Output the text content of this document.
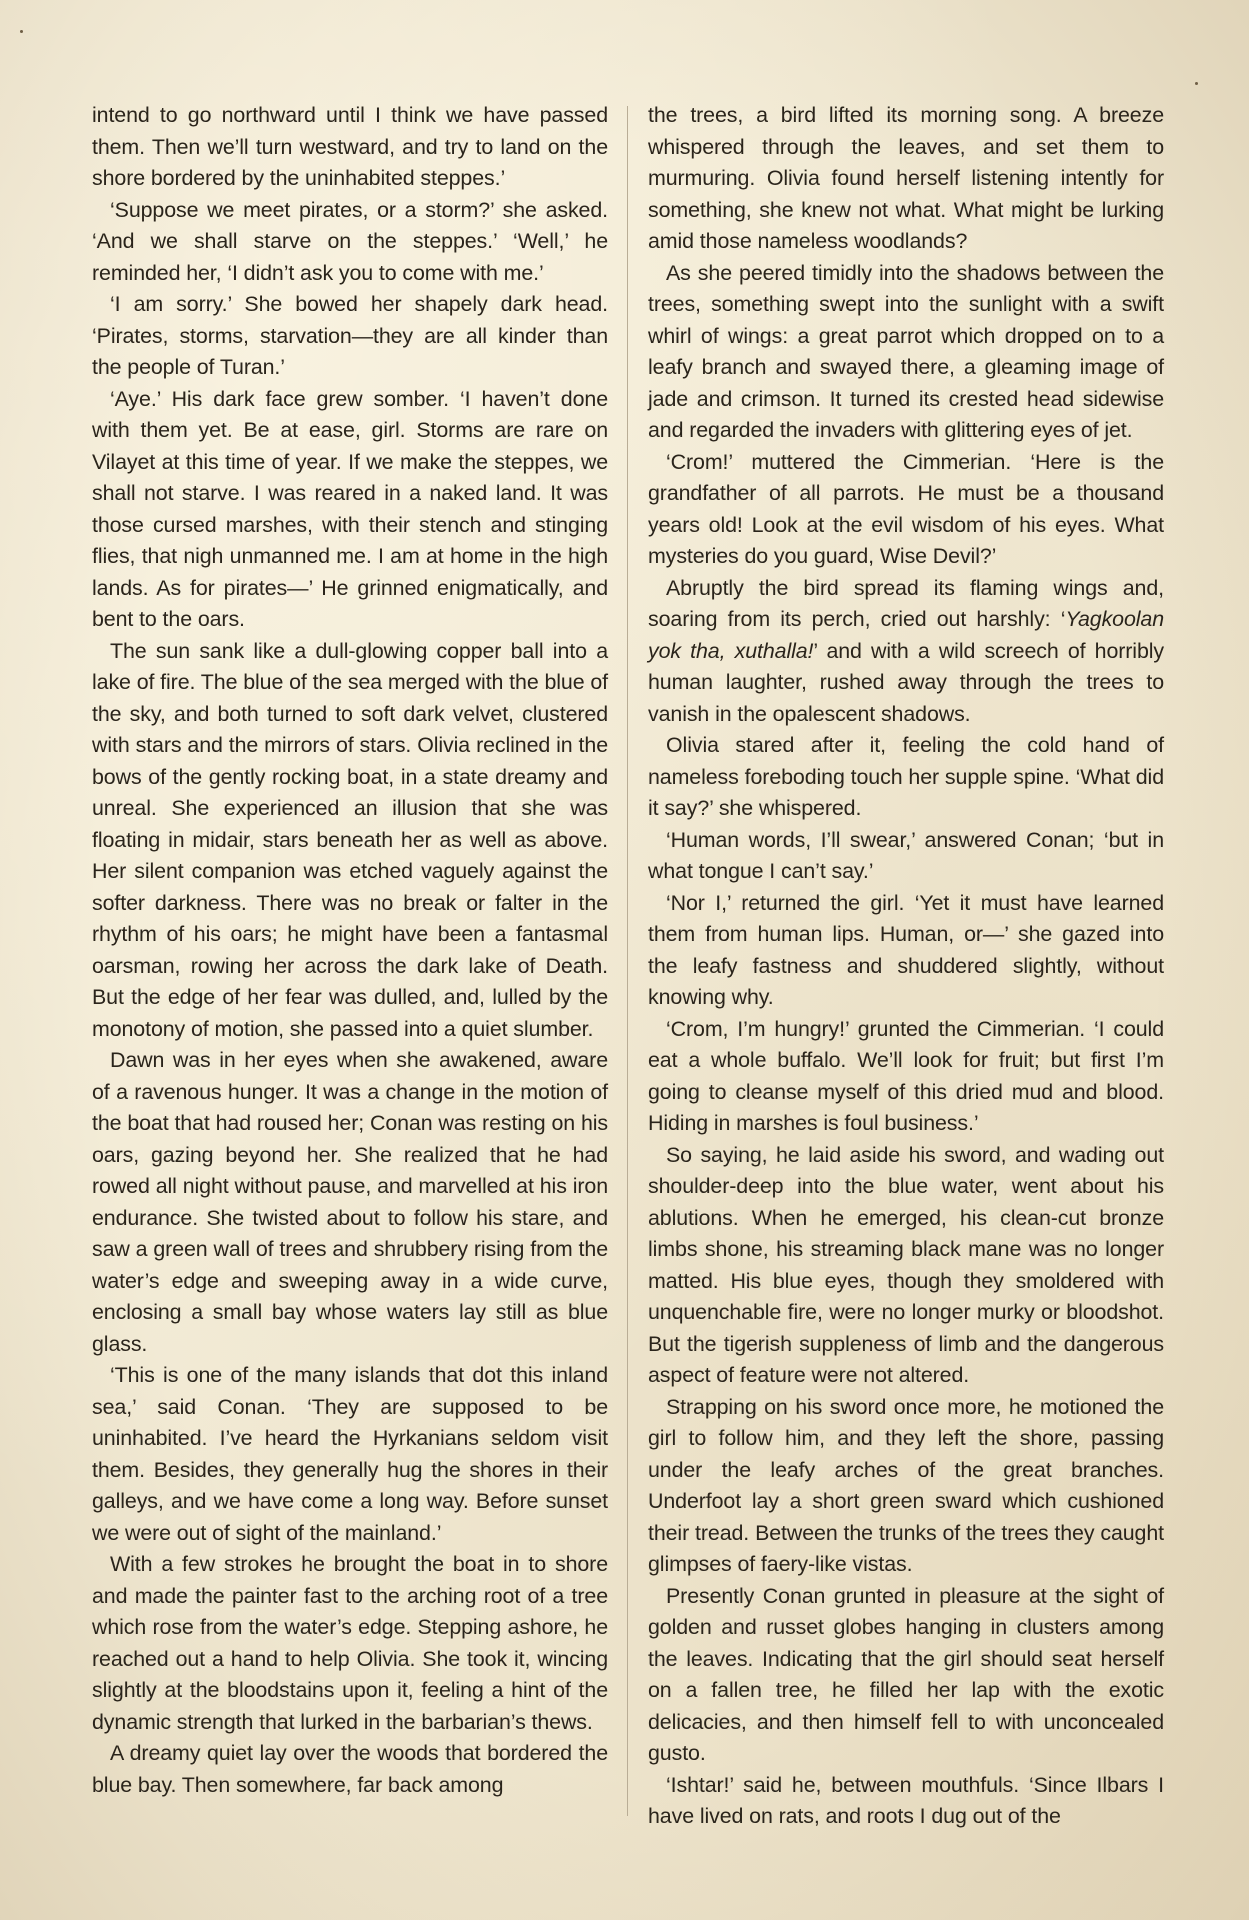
intend to go northward until I think we have passed them. Then we’ll turn westward, and try to land on the shore bordered by the uninhabited steppes.’

‘Suppose we meet pirates, or a storm?’ she asked. ‘And we shall starve on the steppes.’ ‘Well,’ he reminded her, ‘I didn’t ask you to come with me.’

‘I am sorry.’ She bowed her shapely dark head. ‘Pirates, storms, starvation—they are all kinder than the people of Turan.’

‘Aye.’ His dark face grew somber. ‘I haven’t done with them yet. Be at ease, girl. Storms are rare on Vilayet at this time of year. If we make the steppes, we shall not starve. I was reared in a naked land. It was those cursed marshes, with their stench and stinging flies, that nigh unmanned me. I am at home in the high lands. As for pirates—’ He grinned enigmatically, and bent to the oars.

The sun sank like a dull-glowing copper ball into a lake of fire. The blue of the sea merged with the blue of the sky, and both turned to soft dark velvet, clustered with stars and the mirrors of stars. Olivia reclined in the bows of the gently rocking boat, in a state dreamy and unreal. She experienced an illusion that she was floating in midair, stars beneath her as well as above. Her silent companion was etched vaguely against the softer darkness. There was no break or falter in the rhythm of his oars; he might have been a fantasmal oarsman, rowing her across the dark lake of Death. But the edge of her fear was dulled, and, lulled by the monotony of motion, she passed into a quiet slumber.

Dawn was in her eyes when she awakened, aware of a ravenous hunger. It was a change in the motion of the boat that had roused her; Conan was resting on his oars, gazing beyond her. She realized that he had rowed all night without pause, and marvelled at his iron endurance. She twisted about to follow his stare, and saw a green wall of trees and shrubbery rising from the water’s edge and sweeping away in a wide curve, enclosing a small bay whose waters lay still as blue glass.

‘This is one of the many islands that dot this inland sea,’ said Conan. ‘They are supposed to be uninhabited. I’ve heard the Hyrkanians seldom visit them. Besides, they generally hug the shores in their galleys, and we have come a long way. Before sunset we were out of sight of the mainland.’

With a few strokes he brought the boat in to shore and made the painter fast to the arching root of a tree which rose from the water’s edge. Stepping ashore, he reached out a hand to help Olivia. She took it, wincing slightly at the bloodstains upon it, feeling a hint of the dynamic strength that lurked in the barbarian’s thews.

A dreamy quiet lay over the woods that bordered the blue bay. Then somewhere, far back among

the trees, a bird lifted its morning song. A breeze whispered through the leaves, and set them to murmuring. Olivia found herself listening intently for something, she knew not what. What might be lurking amid those nameless woodlands?

As she peered timidly into the shadows between the trees, something swept into the sunlight with a swift whirl of wings: a great parrot which dropped on to a leafy branch and swayed there, a gleaming image of jade and crimson. It turned its crested head sidewise and regarded the invaders with glittering eyes of jet.

‘Crom!’ muttered the Cimmerian. ‘Here is the grandfather of all parrots. He must be a thousand years old! Look at the evil wisdom of his eyes. What mysteries do you guard, Wise Devil?’

Abruptly the bird spread its flaming wings and, soaring from its perch, cried out harshly: ‘Yagkoolan yok tha, xuthalla!’ and with a wild screech of horribly human laughter, rushed away through the trees to vanish in the opalescent shadows.

Olivia stared after it, feeling the cold hand of nameless foreboding touch her supple spine. ‘What did it say?’ she whispered.

‘Human words, I’ll swear,’ answered Conan; ‘but in what tongue I can’t say.’

‘Nor I,’ returned the girl. ‘Yet it must have learned them from human lips. Human, or—’ she gazed into the leafy fastness and shuddered slightly, without knowing why.

‘Crom, I’m hungry!’ grunted the Cimmerian. ‘I could eat a whole buffalo. We’ll look for fruit; but first I’m going to cleanse myself of this dried mud and blood. Hiding in marshes is foul business.’

So saying, he laid aside his sword, and wading out shoulder-deep into the blue water, went about his ablutions. When he emerged, his clean-cut bronze limbs shone, his streaming black mane was no longer matted. His blue eyes, though they smoldered with unquenchable fire, were no longer murky or bloodshot. But the tigerish suppleness of limb and the dangerous aspect of feature were not altered.

Strapping on his sword once more, he motioned the girl to follow him, and they left the shore, passing under the leafy arches of the great branches. Underfoot lay a short green sward which cushioned their tread. Between the trunks of the trees they caught glimpses of faery-like vistas.

Presently Conan grunted in pleasure at the sight of golden and russet globes hanging in clusters among the leaves. Indicating that the girl should seat herself on a fallen tree, he filled her lap with the exotic delicacies, and then himself fell to with unconcealed gusto.

‘Ishtar!’ said he, between mouthfuls. ‘Since Ilbars I have lived on rats, and roots I dug out of the
